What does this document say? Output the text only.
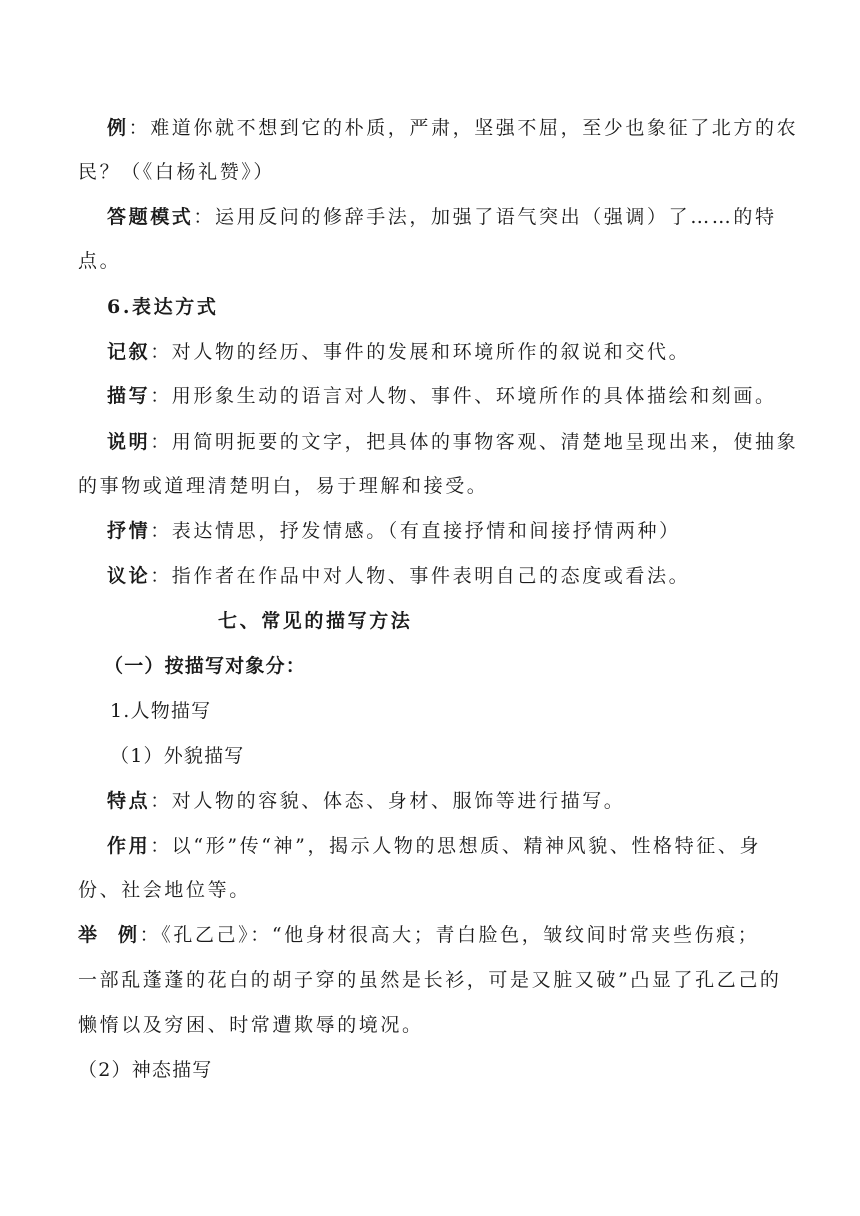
例：难道你就不想到它的朴质，严肃，坚强不屈，至少也象征了北方的农
民？（《白杨礼赞》）
答题模式：运用反问的修辞手法，加强了语气突出（强调）了……的特
点。
6.表达方式
记叙：对人物的经历、事件的发展和环境所作的叙说和交代。
描写：用形象生动的语言对人物、事件、环境所作的具体描绘和刻画。
说明：用简明扼要的文字，把具体的事物客观、清楚地呈现出来，使抽象
的事物或道理清楚明白，易于理解和接受。
抒情：表达情思，抒发情感。（有直接抒情和间接抒情两种）
议论：指作者在作品中对人物、事件表明自己的态度或看法。
七、常见的描写方法
（一）按描写对象分：
1.人物描写
（1）外貌描写
特点：对人物的容貌、体态、身材、服饰等进行描写。
作用：以“形”传“神”，揭示人物的思想质、精神风貌、性格特征、身
份、社会地位等。
举  例：《孔乙己》：“他身材很高大；青白脸色，皱纹间时常夹些伤痕；
一部乱蓬蓬的花白的胡子穿的虽然是长衫，可是又脏又破”凸显了孔乙己的
懒惰以及穷困、时常遭欺辱的境况。
（2）神态描写
